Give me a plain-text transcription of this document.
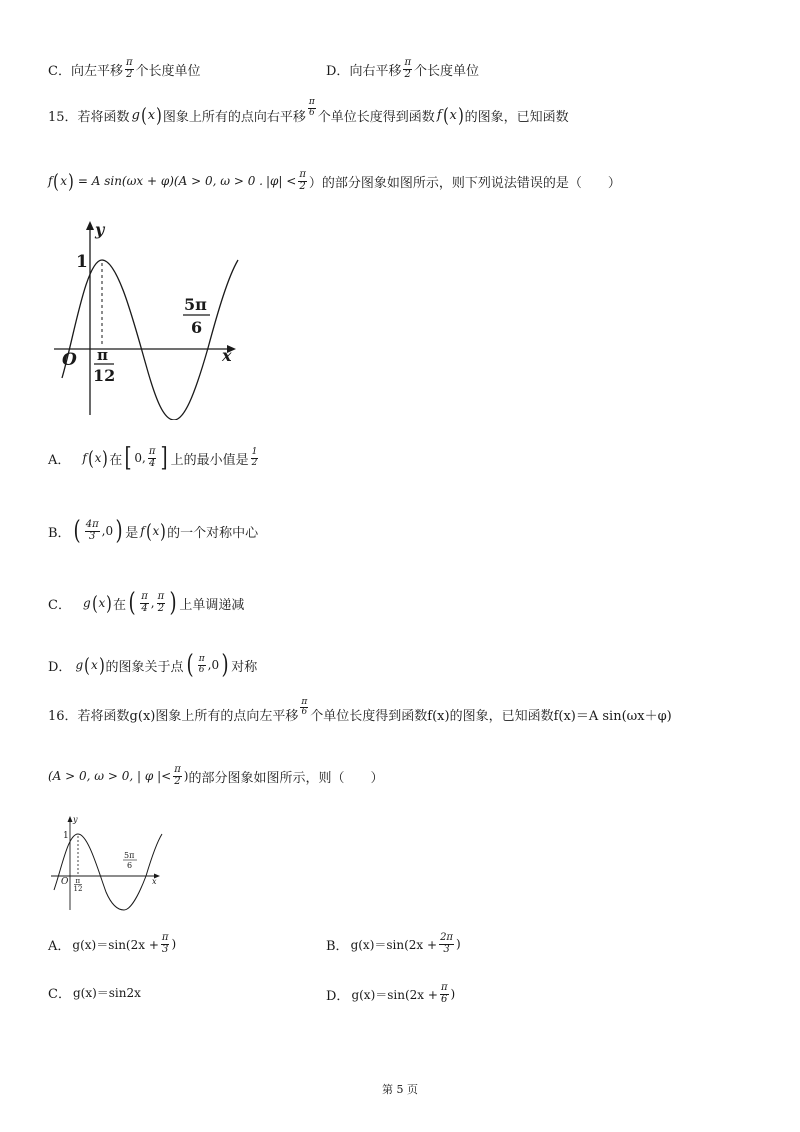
C． 向左平移 $\frac{\pi}{2}$ 个长度单位	D． 向右平移 $\frac{\pi}{2}$ 个长度单位
15． 若将函数 g ( x ) 图象上所有的点向右平移 $\frac{\pi}{6}$ 个单位长度得到函数 f ( x ) 的图象，已知函数
f ( x ) = A sin(ωx + φ)(A > 0, ω > 0 . $|\varphi| < \frac{\pi}{2}$ ） 的部分图象如图所示，则下列说法错误的是（　　）
y
1
O	x
π
12
5π
6
A． f ( x ) 在 [ 0, $\frac{\pi}{4}$ ] 上的最小值是 $\frac{1}{2}$
B． ( $\frac{4\pi}{3} ,0$ ) 是 f ( x ) 的一个对称中心
C． g ( x ) 在 ( $\frac{\pi}{4}$ , $\frac{\pi}{2}$ ) 上单调递减
D． g ( x ) 的图象关于点 ( $\frac{\pi}{6} ,0$ ) 对称
16． 若将函数g(x)图象上所有的点向左平移 $\frac{\pi}{6}$ 个单位长度得到函数f(x)的图象，已知函数f(x)＝A sin(ωx＋φ)
(A > 0, ω > 0, | φ |< $\frac{\pi}{2}$ ) 的部分图象如图所示，则（　　）
y
1
O	x
π
12
5π
6
A． $g(x)=\sin(2x + \frac{\pi}{3}$ )	B． $g(x)=\sin(2x + \frac{2\pi}{3}$ )
C． g(x)＝sin2x	D． $g(x)=\sin(2x + \frac{\pi}{6}$ )
第 5 页
